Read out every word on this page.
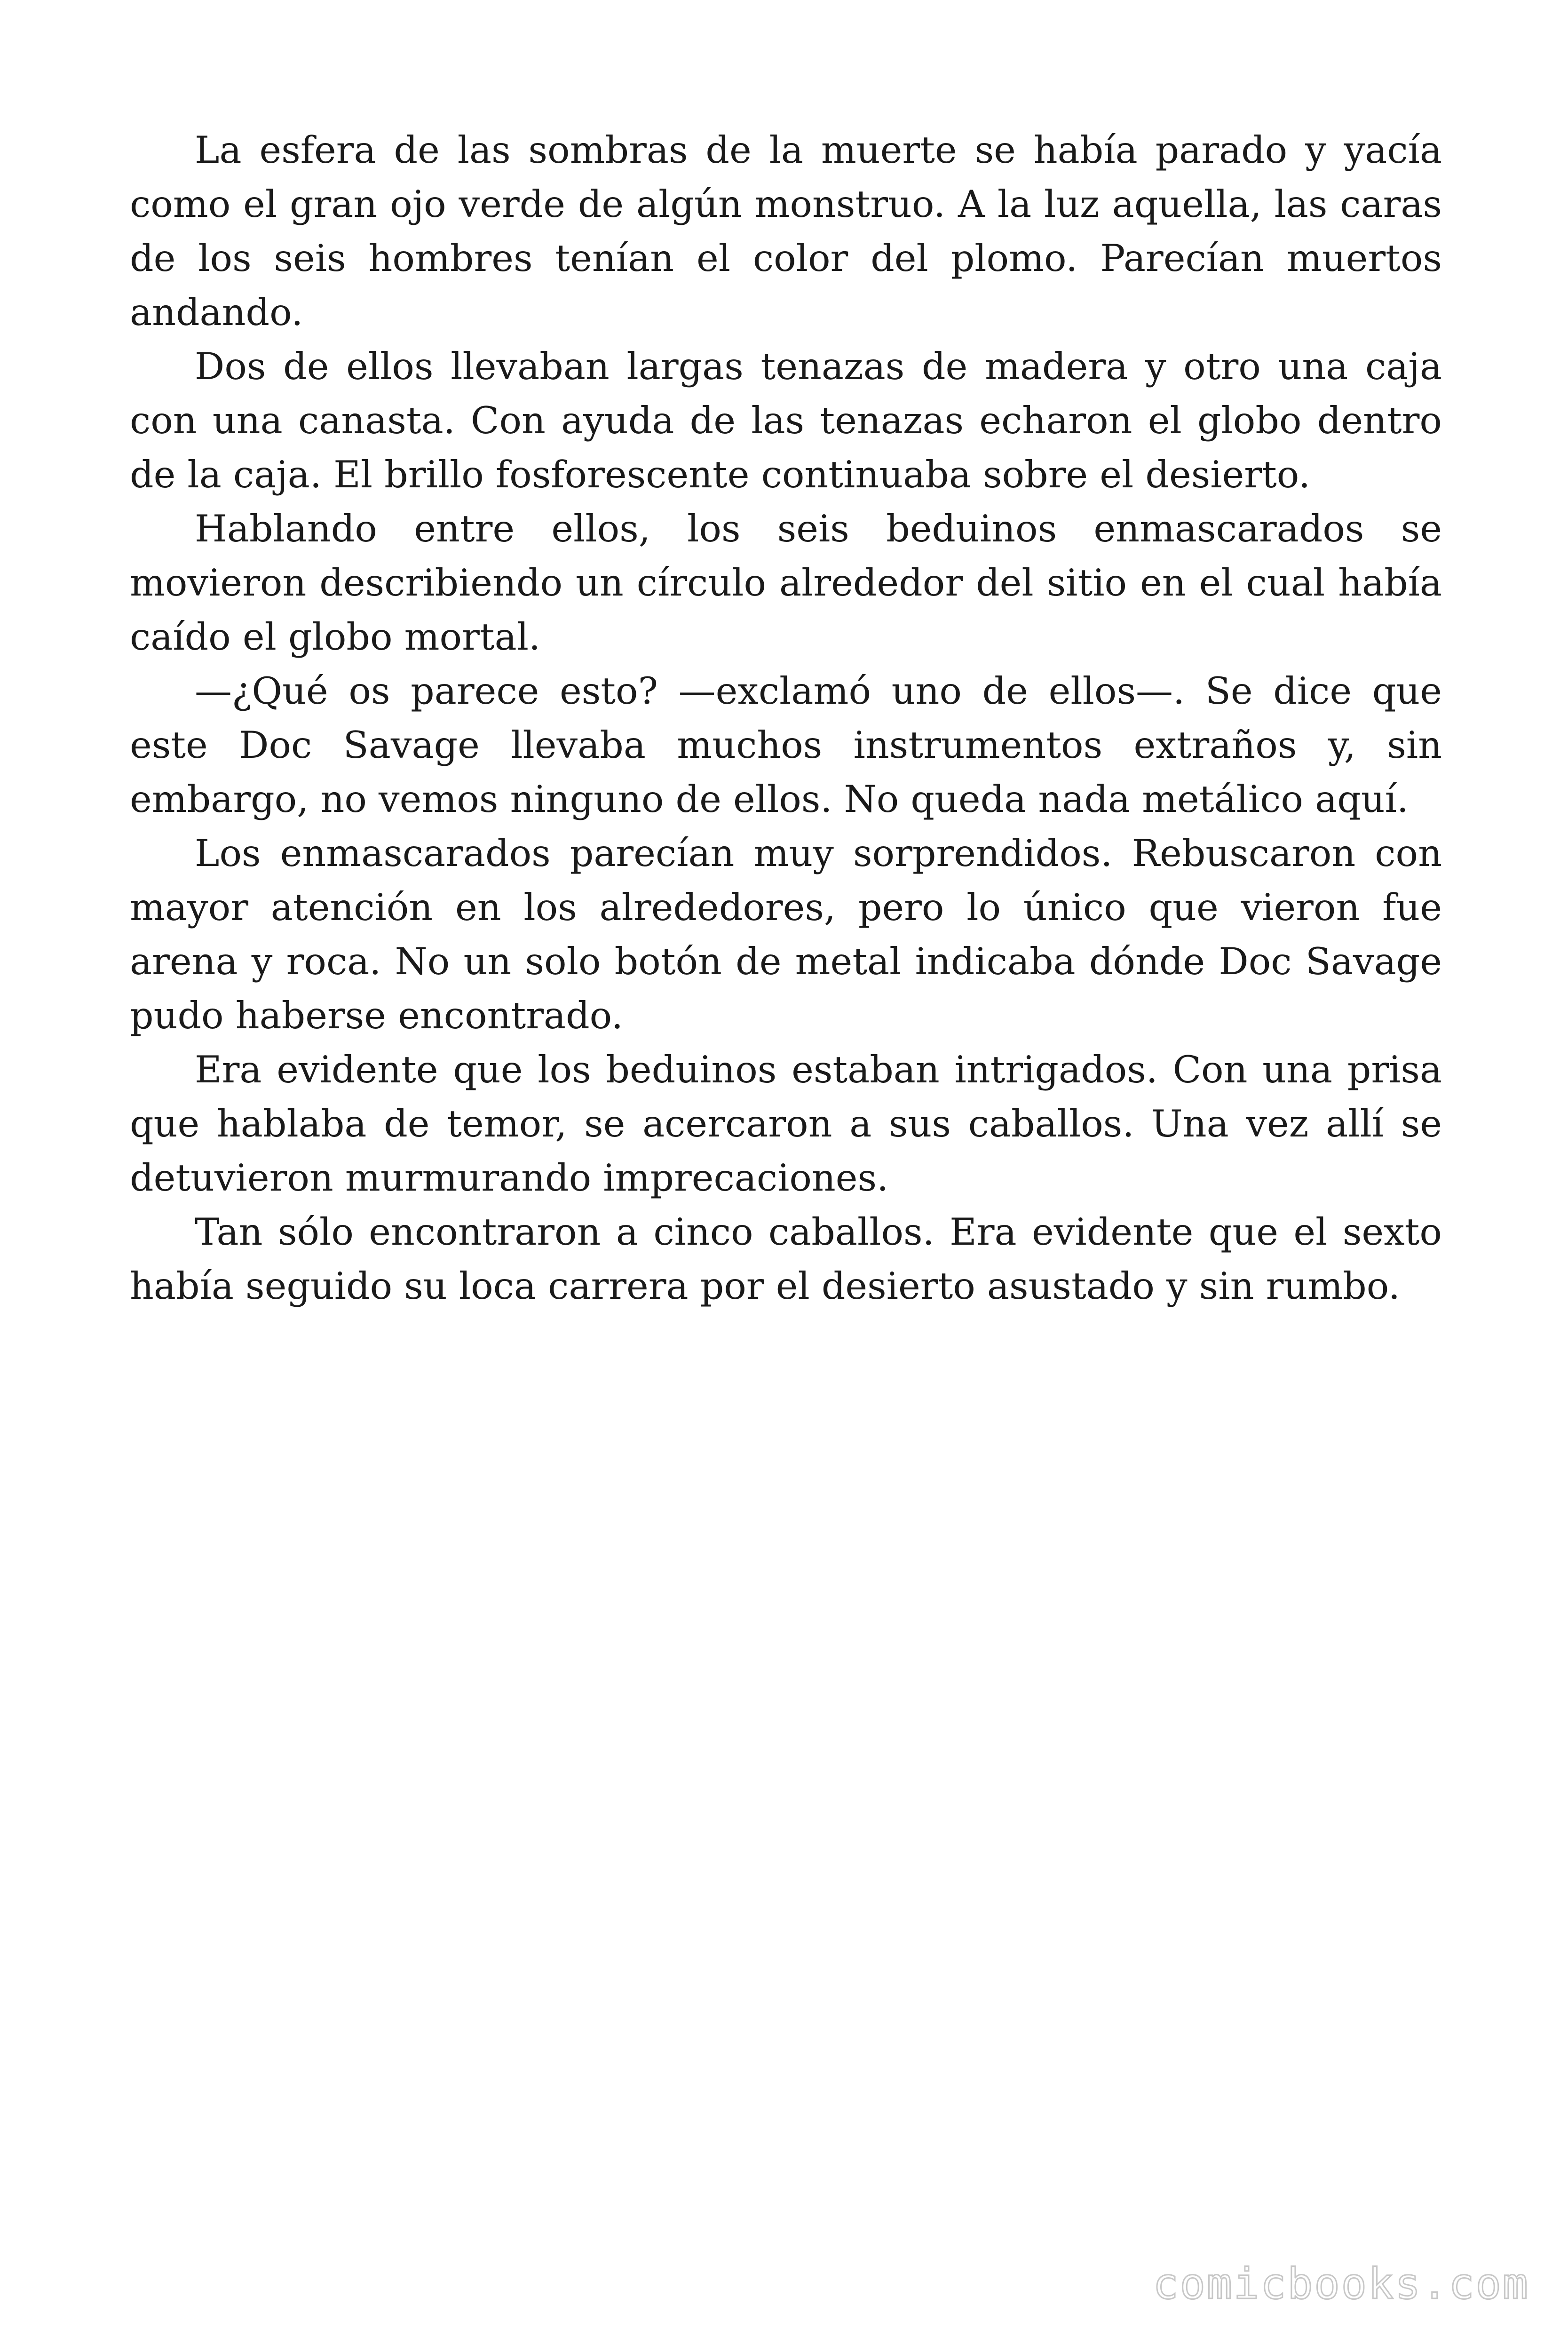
La esfera de las sombras de la muerte se había parado y yacía como el gran ojo verde de algún monstruo. A la luz aquella, las caras de los seis hombres tenían el color del plomo. Parecían muertos andando.

Dos de ellos llevaban largas tenazas de madera y otro una caja con una canasta. Con ayuda de las tenazas echaron el globo dentro de la caja. El brillo fosforescente continuaba sobre el desierto.

Hablando entre ellos, los seis beduinos enmascarados se movieron describiendo un círculo alrededor del sitio en el cual había caído el globo mortal.

—¿Qué os parece esto? —exclamó uno de ellos—. Se dice que este Doc Savage llevaba muchos instrumentos extraños y, sin embargo, no vemos ninguno de ellos. No queda nada metálico aquí.

Los enmascarados parecían muy sorprendidos. Rebuscaron con mayor atención en los alrededores, pero lo único que vieron fue arena y roca. No un solo botón de metal indicaba dónde Doc Savage pudo haberse encontrado.

Era evidente que los beduinos estaban intrigados. Con una prisa que hablaba de temor, se acercaron a sus caballos. Una vez allí se detuvieron murmurando imprecaciones.

Tan sólo encontraron a cinco caballos. Era evidente que el sexto había seguido su loca carrera por el desierto asustado y sin rumbo.

comicbooks.com
